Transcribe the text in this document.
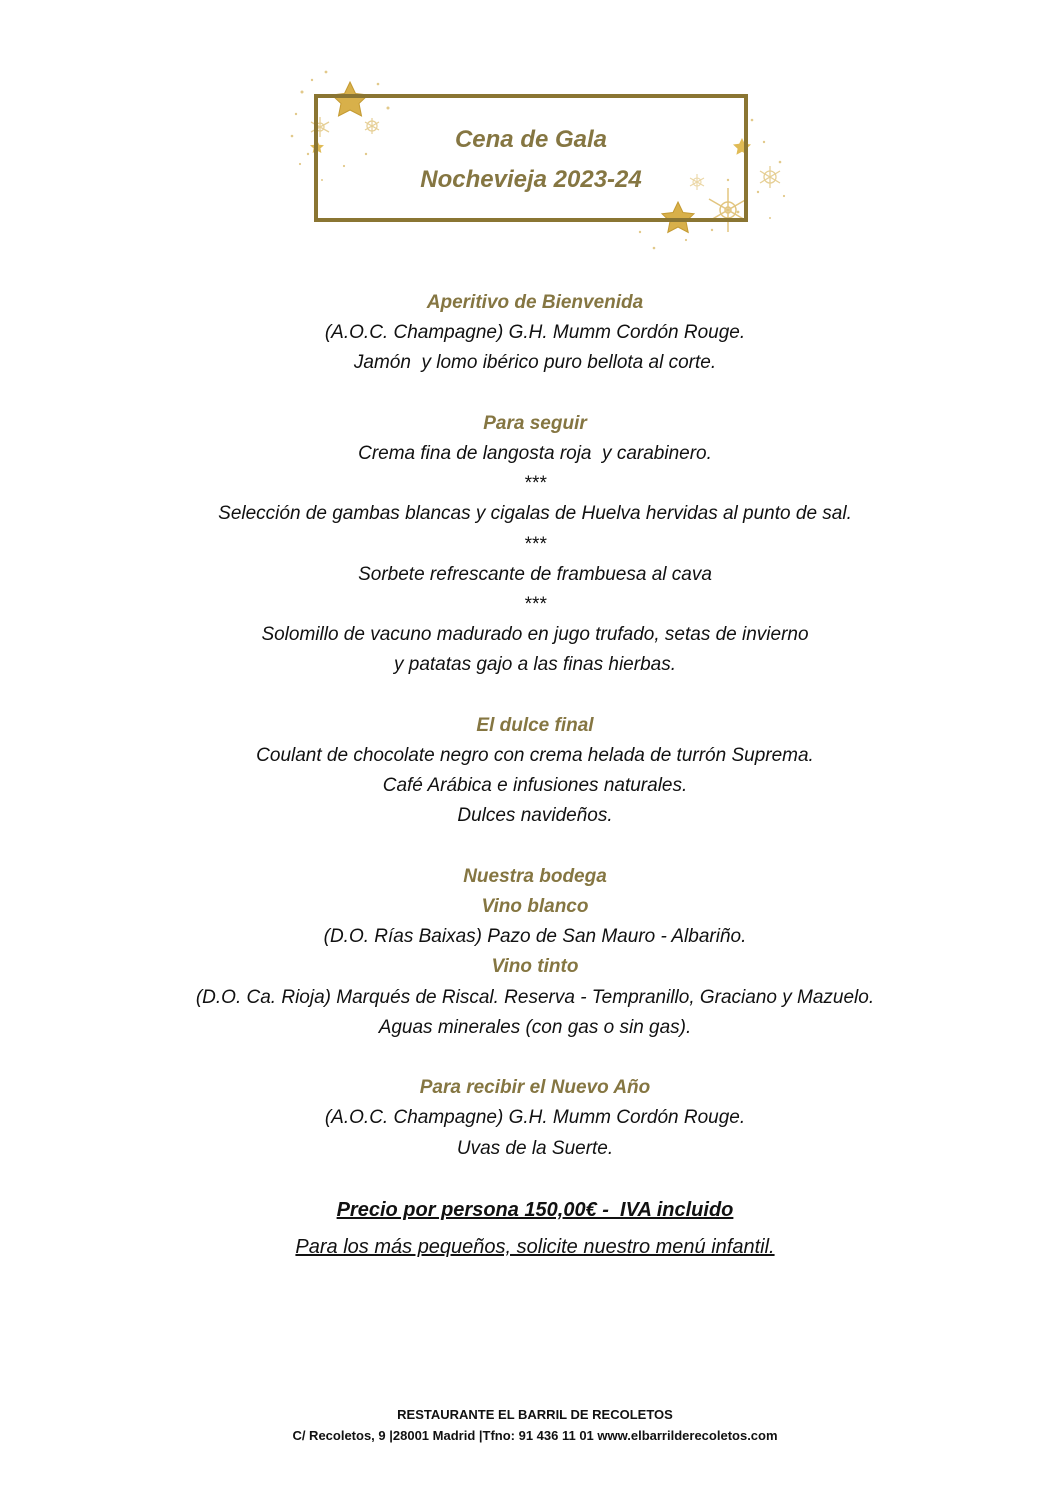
Cena de Gala
Nochevieja 2023-24
Aperitivo de Bienvenida
(A.O.C. Champagne) G.H. Mumm Cordón Rouge.
Jamón  y lomo ibérico puro bellota al corte.
Para seguir
Crema fina de langosta roja  y carabinero.
***
Selección de gambas blancas y cigalas de Huelva hervidas al punto de sal.
***
Sorbete refrescante de frambuesa al cava
***
Solomillo de vacuno madurado en jugo trufado, setas de invierno
y patatas gajo a las finas hierbas.
El dulce final
Coulant de chocolate negro con crema helada de turrón Suprema.
Café Arábica e infusiones naturales.
Dulces navideños.
Nuestra bodega
Vino blanco
(D.O. Rías Baixas) Pazo de San Mauro - Albariño.
Vino tinto
(D.O. Ca. Rioja) Marqués de Riscal. Reserva - Tempranillo, Graciano y Mazuelo.
Aguas minerales (con gas o sin gas).
Para recibir el Nuevo Año
(A.O.C. Champagne) G.H. Mumm Cordón Rouge.
Uvas de la Suerte.
Precio por persona 150,00€ -  IVA incluido
Para los más pequeños, solicite nuestro menú infantil.
RESTAURANTE EL BARRIL DE RECOLETOS
C/ Recoletos, 9 |28001 Madrid |Tfno: 91 436 11 01 www.elbarrilderecoletos.com
